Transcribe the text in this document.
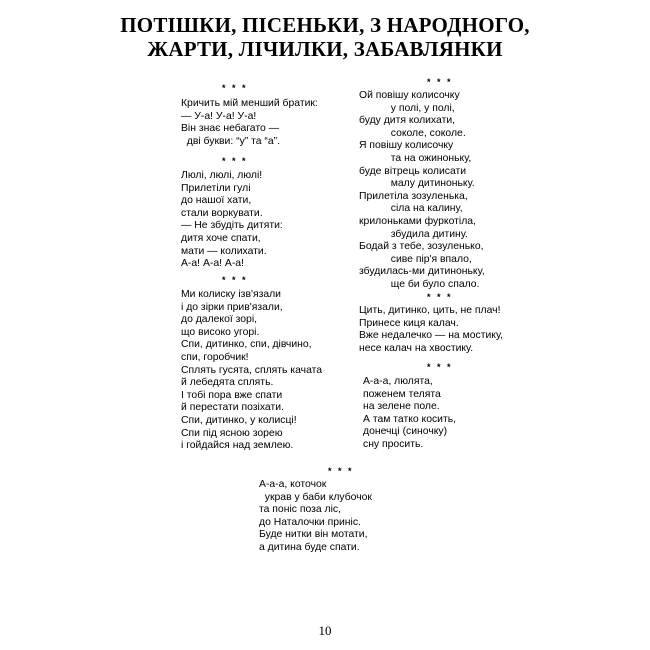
ПОТІШКИ, ПІСЕНЬКИ, З НАРОДНОГО,
ЖАРТИ, ЛІЧИЛКИ, ЗАБАВЛЯНКИ
* * *
Кричить мій менший братик:
— У-а! У-а! У-а!
Він знає небагато —
дві букви: “у” та “а”.
* * *
Люлі, люлі, люлі!
Прилетіли гулі
до нашої хати,
стали воркувати.
— Не збудіть дитяти:
дитя хоче спати,
мати — колихати.
А-а! А-а! А-а!
* * *
Ми колиску ізв'язали
і до зірки прив'язали,
до далекої зорі,
що високо угорі.
Спи, дитинко, спи, дівчино,
спи, горобчик!
Сплять гусята, сплять качата
й лебедята сплять.
І тобі пора вже спати
й перестати позіхати.
Спи, дитинко, у колисці!
Спи під ясною зорею
і гойдайся над землею.
* * *
Ой повішу колисочку
у полі, у полі,
буду дитя колихати,
соколе, соколе.
Я повішу колисочку
та на ожиноньку,
буде вітрець колисати
малу дитиноньку.
Прилетіла зозуленька,
сіла на калину,
крилоньками фуркотіла,
збудила дитину.
Бодай з тебе, зозуленько,
сиве пір'я впало,
збудилась-ми дитиноньку,
ще би було спало.
* * *
Цить, дитинко, цить, не плач!
Принесе киця калач.
Вже недалечко — на мостику,
несе калач на хвостику.
* * *
А-а-а, люлята,
поженем телята
на зелене поле.
А там татко косить,
донечці (синочку)
сну просить.
* * *
А-а-а, коточок
украв у баби клубочок
та поніс поза ліс,
до Наталочки приніс.
Буде нитки він мотати,
а дитина буде спати.
10
